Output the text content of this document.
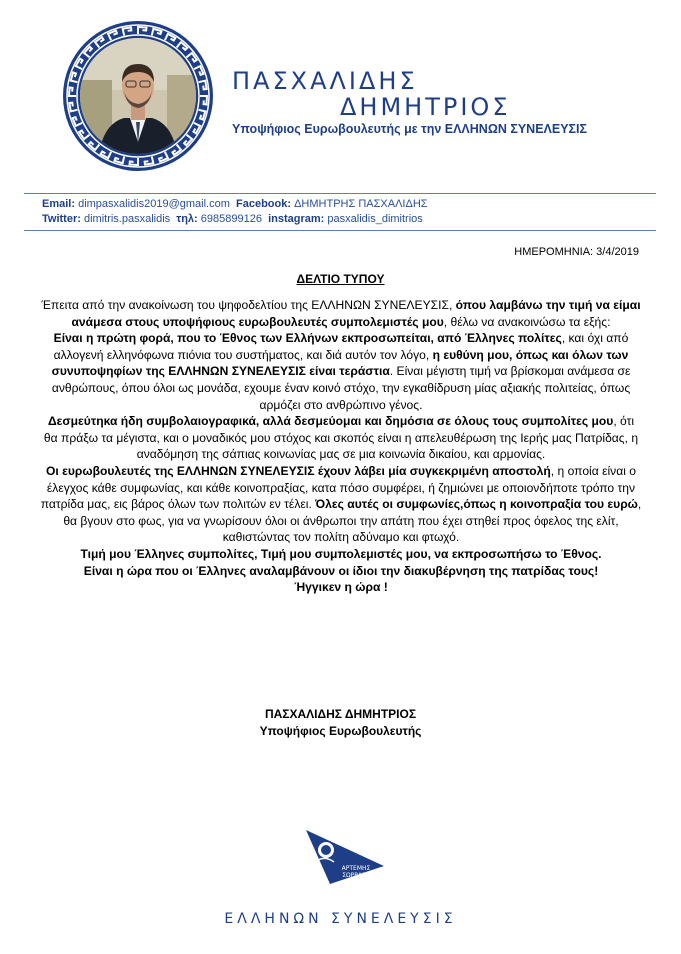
ΠΑΣΧΑΛΙΔΗΣ
ΔΗΜΗΤΡΙΟΣ
Υποψήφιος Ευρωβουλευτής με την ΕΛΛΗΝΩΝ ΣΥΝΕΛΕΥΣΙΣ
Email: dimpasxalidis2019@gmail.com Facebook: ΔΗΜΗΤΡΗΣ ΠΑΣΧΑΛΙΔΗΣ
Twitter: dimitris.pasxalidis τηλ: 6985899126 instagram: pasxalidis_dimitrios
ΗΜΕΡΟΜΗΝΙΑ: 3/4/2019
ΔΕΛΤΙΟ ΤΥΠΟΥ
Έπειτα από την ανακοίνωση του ψηφοδελτίου της ΕΛΛΗΝΩΝ ΣΥΝΕΛΕΥΣΙΣ, όπου λαμβάνω την τιμή να είμαι ανάμεσα στους υποψήφιους ευρωβουλευτές συμπολεμιστές μου, θέλω να ανακοινώσω τα εξής:
Είναι η πρώτη φορά, που το Έθνος των Ελλήνων εκπροσωπείται, από Έλληνες πολίτες, και όχι από αλλογενή ελληνόφωνα πιόνια του συστήματος, και διά αυτόν τον λόγο, η ευθύνη μου, όπως και όλων των συνυποψηφίων της ΕΛΛΗΝΩΝ ΣΥΝΕΛΕΥΣΙΣ είναι τεράστια. Είναι μέγιστη τιμή να βρίσκομαι ανάμεσα σε ανθρώπους, όπου όλοι ως μονάδα, εχουμε έναν κοινό στόχο, την εγκαθίδρυση μίας αξιακής πολιτείας, όπως αρμόζει στο ανθρώπινο γένος.
Δεσμεύτηκα ήδη συμβολαιογραφικά, αλλά δεσμεύομαι και δημόσια σε όλους τους συμπολίτες μου, ότι θα πράξω τα μέγιστα, και ο μοναδικός μου στόχος και σκοπός είναι η απελευθέρωση της Ιερής μας Πατρίδας, η αναδόμηση της σάπιας κοινωνίας μας σε μια κοινωνία δικαίου, και αρμονίας.
Οι ευρωβουλευτές της ΕΛΛΗΝΩΝ ΣΥΝΕΛΕΥΣΙΣ έχουν λάβει μία συγκεκριμένη αποστολή, η οποία είναι ο έλεγχος κάθε συμφωνίας, και κάθε κοινοπραξίας, κατα πόσο συμφέρει, ή ζημιώνει με οποιονδήποτε τρόπο την πατρίδα μας, εις βάρος όλων των πολιτών εν τέλει. Όλες αυτές οι συμφωνίες,όπως η κοινοπραξία του ευρώ, θα βγουν στο φως, για να γνωρίσουν όλοι οι άνθρωποι την απάτη που έχει στηθεί προς όφελος της ελίτ, καθιστώντας τον πολίτη αδύναμο και φτωχό.
Τιμή μου Έλληνες συμπολίτες, Τιμή μου συμπολεμιστές μου, να εκπροσωπήσω το Έθνος.
Είναι η ώρα που οι Έλληνες αναλαμβάνουν οι ίδιοι την διακυβέρνηση της πατρίδας τους!
Ήγγικεν η ώρα !
ΠΑΣΧΑΛΙΔΗΣ ΔΗΜΗΤΡΙΟΣ
Υποψήφιος Ευρωβουλευτής
ΑΡΤΕΜΗΣ
ΣΩΡΡΑΣ
ΕΛΛΗΝΩΝ ΣΥΝΕΛΕΥΣΙΣ
